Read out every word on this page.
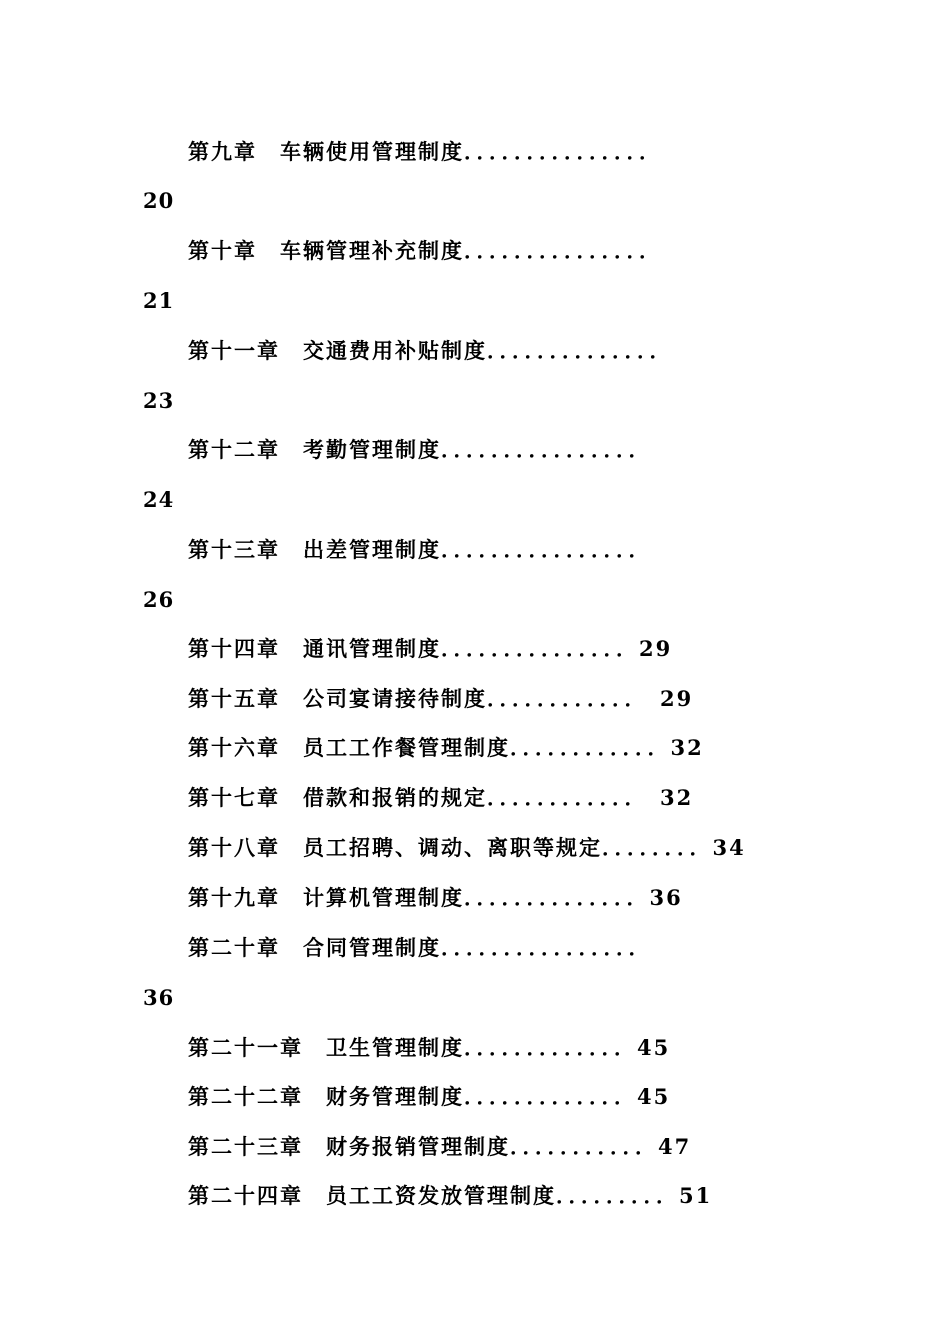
第九章　车辆使用管理制度．．．．．．．．．．．．．．．
20
第十章　车辆管理补充制度．．．．．．．．．．．．．．．
21
第十一章　交通费用补贴制度．．．．．．．．．．．．．．
23
第十二章　考勤管理制度．．．．．．．．．．．．．．．．
24
第十三章　出差管理制度．．．．．．．．．．．．．．．．
26
第十四章　通讯管理制度．．．．．．．．．．．．．．．29
第十五章　公司宴请接待制度．．．．．．．．．．．．　29
第十六章　员工工作餐管理制度．．．．．．．．．．．．32
第十七章　借款和报销的规定．．．．．．．．．．．．　32
第十八章　员工招聘、调动、离职等规定．．．．．．．．34
第十九章　计算机管理制度．．．．．．．．．．．．．．36
第二十章　合同管理制度．．．．．．．．．．．．．．．．
36
第二十一章　卫生管理制度．．．．．．．．．．．．．45
第二十二章　财务管理制度．．．．．．．．．．．．．45
第二十三章　财务报销管理制度．．．．．．．．．．．47
第二十四章　员工工资发放管理制度．．．．．．．．．51
